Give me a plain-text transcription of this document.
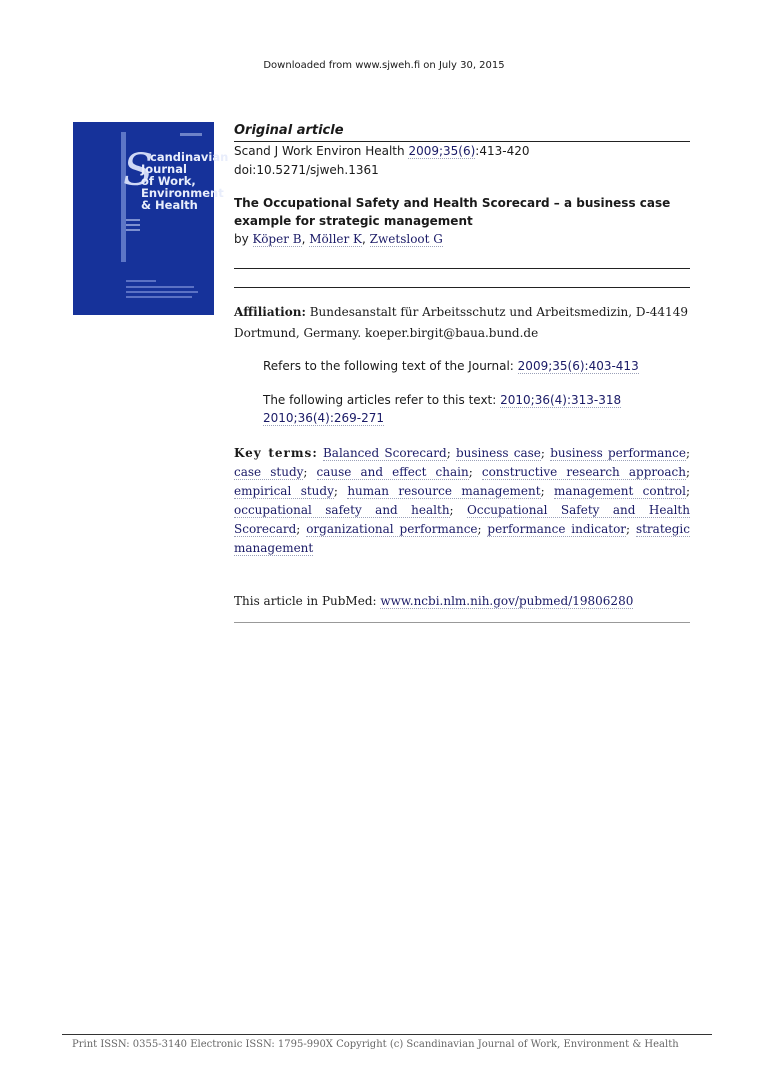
Downloaded from www.sjweh.fi on July 30, 2015
S
candinavian
Journal
of Work,
Environment
& Health
Original article
Scand J Work Environ Health 2009;35(6):413-420
doi:10.5271/sjweh.1361
The Occupational Safety and Health Scorecard – a business case example for strategic management
by Köper B, Möller K, Zwetsloot G
Affiliation: Bundesanstalt für Arbeitsschutz und Arbeitsmedizin, D-44149 Dortmund, Germany. koeper.birgit@baua.bund.de
Refers to the following text of the Journal: 2009;35(6):403-413
The following articles refer to this text: 2010;36(4):313-318
2010;36(4):269-271
Key terms: Balanced Scorecard; business case; business performance; case study; cause and effect chain; constructive research approach; empirical study; human resource management; management control; occupational safety and health; Occupational Safety and Health Scorecard; organizational performance; performance indicator; strategic management
This article in PubMed: www.ncbi.nlm.nih.gov/pubmed/19806280
Print ISSN: 0355-3140 Electronic ISSN: 1795-990X Copyright (c) Scandinavian Journal of Work, Environment & Health
